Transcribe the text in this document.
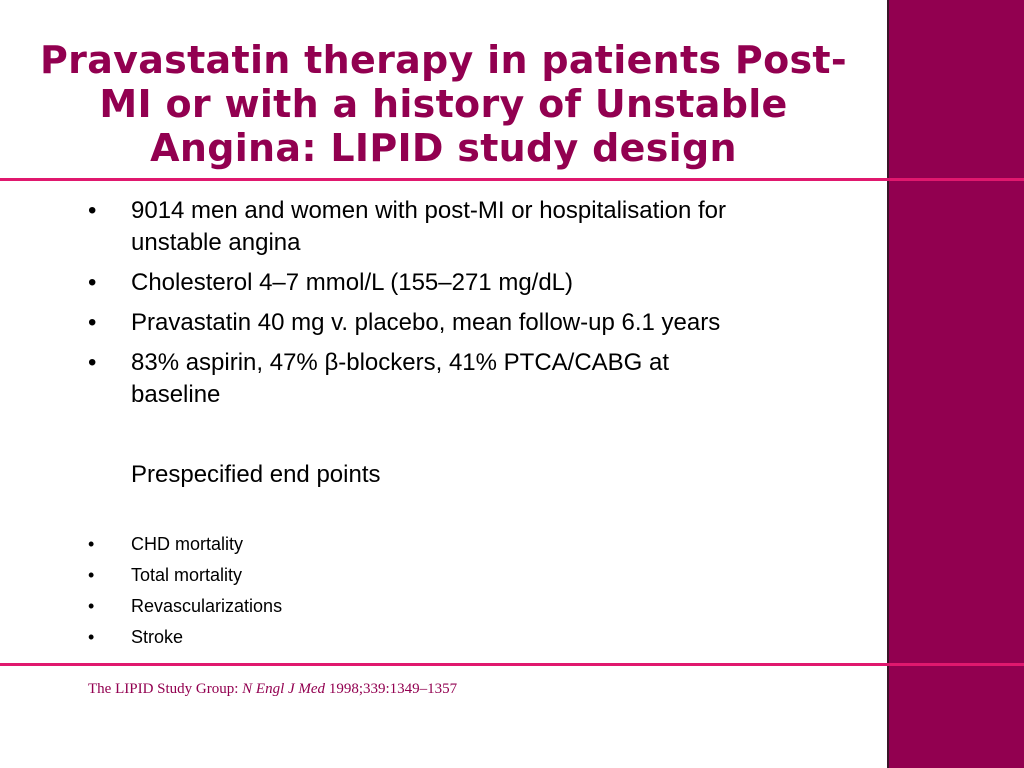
Pravastatin therapy in patients Post-
MI or with a history of Unstable
Angina: LIPID study design
• 9014 men and women with post-MI or hospitalisation for
unstable angina
• Cholesterol 4–7 mmol/L (155–271 mg/dL)
• Pravastatin 40 mg v. placebo, mean follow-up 6.1 years
• 83% aspirin, 47% β-blockers, 41% PTCA/CABG at
baseline
Prespecified end points
• CHD mortality
• Total mortality
• Revascularizations
• Stroke
The LIPID Study Group: N Engl J Med 1998;339:1349–1357
